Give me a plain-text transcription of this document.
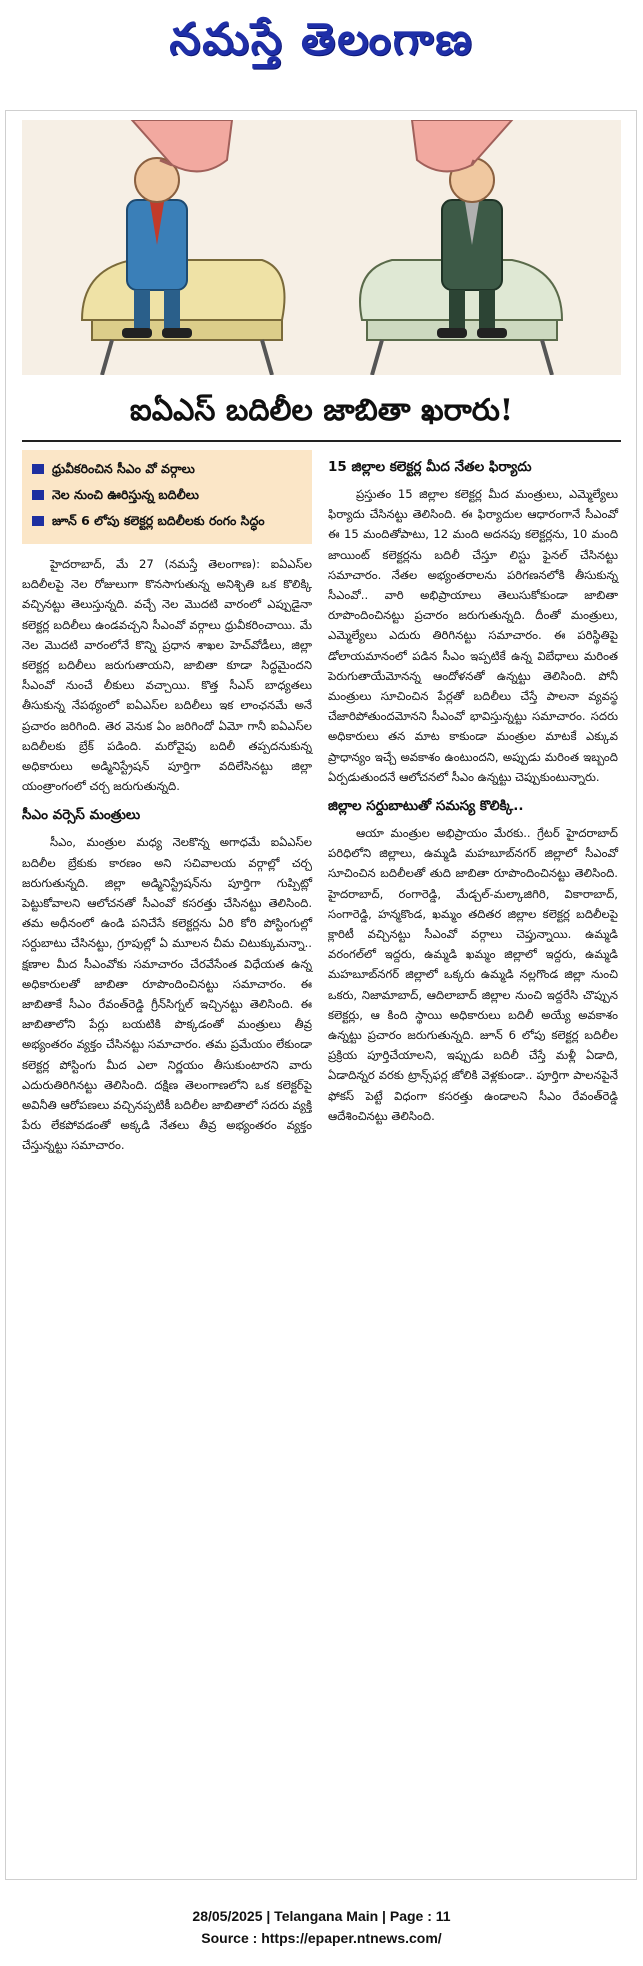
నమస్తే తెలంగాణ
ఐఏఎస్ బదిలీల జాబితా ఖరారు!
ధ్రువీకరించిన సీఎం వో వర్గాలు
నెల నుంచి ఊరిస్తున్న బదిలీలు
జూన్ 6 లోపు కలెక్టర్ల బదిలీలకు రంగం సిద్ధం

హైదరాబాద్, మే 27 (నమస్తే తెలంగాణ): ఐఏఎస్‌ల బదిలీలపై నెల రోజులుగా కొనసాగుతున్న అనిశ్చితి ఒక కొలిక్కి వచ్చినట్టు తెలుస్తున్నది. వచ్చే నెల మొదటి వారంలో ఎప్పుడైనా కలెక్టర్ల బదిలీలు ఉండవచ్చని సీఎంవో వర్గాలు ధ్రువీకరించాయి. మే నెల మొదటి వారంలోనే కొన్ని ప్రధాన శాఖల హెచ్‌వోడీలు, జిల్లా కలెక్టర్ల బదిలీలు జరుగుతాయని, జాబితా కూడా సిద్ధమైందని సీఎంవో నుంచే లీకులు వచ్చాయి. కొత్త సీఎస్ బాధ్యతలు తీసుకున్న నేపథ్యంలో ఐఏఎస్‌ల బదిలీలు ఇక లాంఛనమే అనే ప్రచారం జరిగింది. తెర వెనుక ఏం జరిగిందో ఏమో గానీ ఐఏఎస్‌ల బదిలీలకు బ్రేక్ పడింది. మరోవైపు బదిలీ తప్పదనుకున్న అధికారులు అడ్మినిస్ట్రేషన్ పూర్తిగా వదిలేసినట్టు జిల్లా యంత్రాంగంలో చర్చ జరుగుతున్నది.

సీఎం వర్సెస్ మంత్రులు

సీఎం, మంత్రుల మధ్య నెలకొన్న అగాధమే ఐఏఎస్‌ల బదిలీల బ్రేకుకు కారణం అని సచివాలయ వర్గాల్లో చర్చ జరుగుతున్నది. జిల్లా అడ్మినిస్ట్రేషన్‌ను పూర్తిగా గుప్పిట్లో పెట్టుకోవాలని ఆలోచనతో సీఎంవో కసరత్తు చేసినట్టు తెలిసింది. తమ అధీనంలో ఉండి పనిచేసే కలెక్టర్లను ఏరి కోరి పోస్టింగుల్లో సర్దుబాటు చేసినట్టు, గ్రూపుల్లో ఏ మూలన చీమ చిటుక్కుమన్నా.. క్షణాల మీద సీఎంవోకు సమాచారం చేరవేసేంత విధేయత ఉన్న అధికారులతో జాబితా రూపొందించినట్టు సమాచారం. ఈ జాబితాకే సీఎం రేవంత్‌రెడ్డి గ్రీన్‌సిగ్నల్ ఇచ్చినట్టు తెలిసింది. ఈ జాబితాలోని పేర్లు బయటికి పొక్కడంతో మంత్రులు తీవ్ర అభ్యంతరం వ్యక్తం చేసినట్టు సమాచారం. తమ ప్రమేయం లేకుండా కలెక్టర్ల పోస్టింగు మీద ఎలా నిర్ణయం తీసుకుంటారని వారు ఎదురుతిరిగినట్టు తెలిసింది. దక్షిణ తెలంగాణలోని ఒక కలెక్టర్‌పై అవినీతి ఆరోపణలు వచ్చినప్పటికీ బదిలీల జాబితాలో సదరు వ్యక్తి పేరు లేకపోవడంతో అక్కడి నేతలు తీవ్ర అభ్యంతరం వ్యక్తం చేస్తున్నట్టు సమాచారం.

15 జిల్లాల కలెక్టర్ల మీద నేతల ఫిర్యాదు

ప్రస్తుతం 15 జిల్లాల కలెక్టర్ల మీద మంత్రులు, ఎమ్మెల్యేలు ఫిర్యాదు చేసినట్టు తెలిసింది. ఈ ఫిర్యాదుల ఆధారంగానే సీఎంవో ఈ 15 మందితోపాటు, 12 మంది అదనపు కలెక్టర్లను, 10 మంది జాయింట్ కలెక్టర్లను బదిలీ చేస్తూ లిస్టు ఫైనల్ చేసినట్టు సమాచారం. నేతల అభ్యంతరాలను పరిగణనలోకి తీసుకున్న సీఎంవో.. వారి అభిప్రాయాలు తెలుసుకోకుండా జాబితా రూపొందించినట్టు ప్రచారం జరుగుతున్నది. దీంతో మంత్రులు, ఎమ్మెల్యేలు ఎదురు తిరిగినట్టు సమాచారం. ఈ పరిస్థితిపై డోలాయమానంలో పడిన సీఎం ఇప్పటికే ఉన్న విబేధాలు మరింత పెరుగుతాయేమోనన్న ఆందోళనతో ఉన్నట్టు తెలిసింది. పోనీ మంత్రులు సూచించిన పేర్లతో బదిలీలు చేస్తే పాలనా వ్యవస్థ చేజారిపోతుందమోనని సీఎంవో భావిస్తున్నట్టు సమాచారం. సదరు అధికారులు తన మాట కాకుండా మంత్రుల మాటకే ఎక్కువ ప్రాధాన్యం ఇచ్చే అవకాశం ఉంటుందని, అప్పుడు మరింత ఇబ్బంది ఏర్పడుతుందనే ఆలోచనలో సీఎం ఉన్నట్టు చెప్పుకుంటున్నారు.

జిల్లాల సర్దుబాటుతో సమస్య కొలిక్కి..

ఆయా మంత్రుల అభిప్రాయం మేరకు.. గ్రేటర్ హైదరాబాద్ పరిధిలోని జిల్లాలు, ఉమ్మడి మహబూబ్‌నగర్ జిల్లాలో సీఎంవో సూచించిన బదిలీలతో తుది జాబితా రూపొందించినట్టు తెలిసింది. హైదరాబాద్, రంగారెడ్డి, మేడ్చల్-మల్కాజిగిరి, వికారాబాద్, సంగారెడ్డి, హన్మకొండ, ఖమ్మం తదితర జిల్లాల కలెక్టర్ల బదిలీలపై క్లారిటీ వచ్చినట్టు సీఎంవో వర్గాలు చెప్తున్నాయి. ఉమ్మడి వరంగల్‌లో ఇద్దరు, ఉమ్మడి ఖమ్మం జిల్లాలో ఇద్దరు, ఉమ్మడి మహబూబ్‌నగర్ జిల్లాలో ఒక్కరు ఉమ్మడి నల్లగొండ జిల్లా నుంచి ఒకరు, నిజామాబాద్, ఆదిలాబాద్ జిల్లాల నుంచి ఇద్దరేసి చొప్పున కలెక్టర్లు, ఆ కింది స్థాయి అధికారులు బదిలీ అయ్యే అవకాశం ఉన్నట్టు ప్రచారం జరుగుతున్నది. జూన్ 6 లోపు కలెక్టర్ల బదిలీల ప్రక్రియ పూర్తిచేయాలని, ఇప్పుడు బదిలీ చేస్తే మళ్లీ ఏడాది, ఏడాదిన్నర వరకు ట్రాన్స్‌ఫర్ల జోలికి వెళ్లకుండా.. పూర్తిగా పాలనపైనే ఫోకస్ పెట్టే విధంగా కసరత్తు ఉండాలని సీఎం రేవంత్‌రెడ్డి ఆదేశించినట్టు తెలిసింది.

28/05/2025 | Telangana Main | Page : 11
Source : https://epaper.ntnews.com/
